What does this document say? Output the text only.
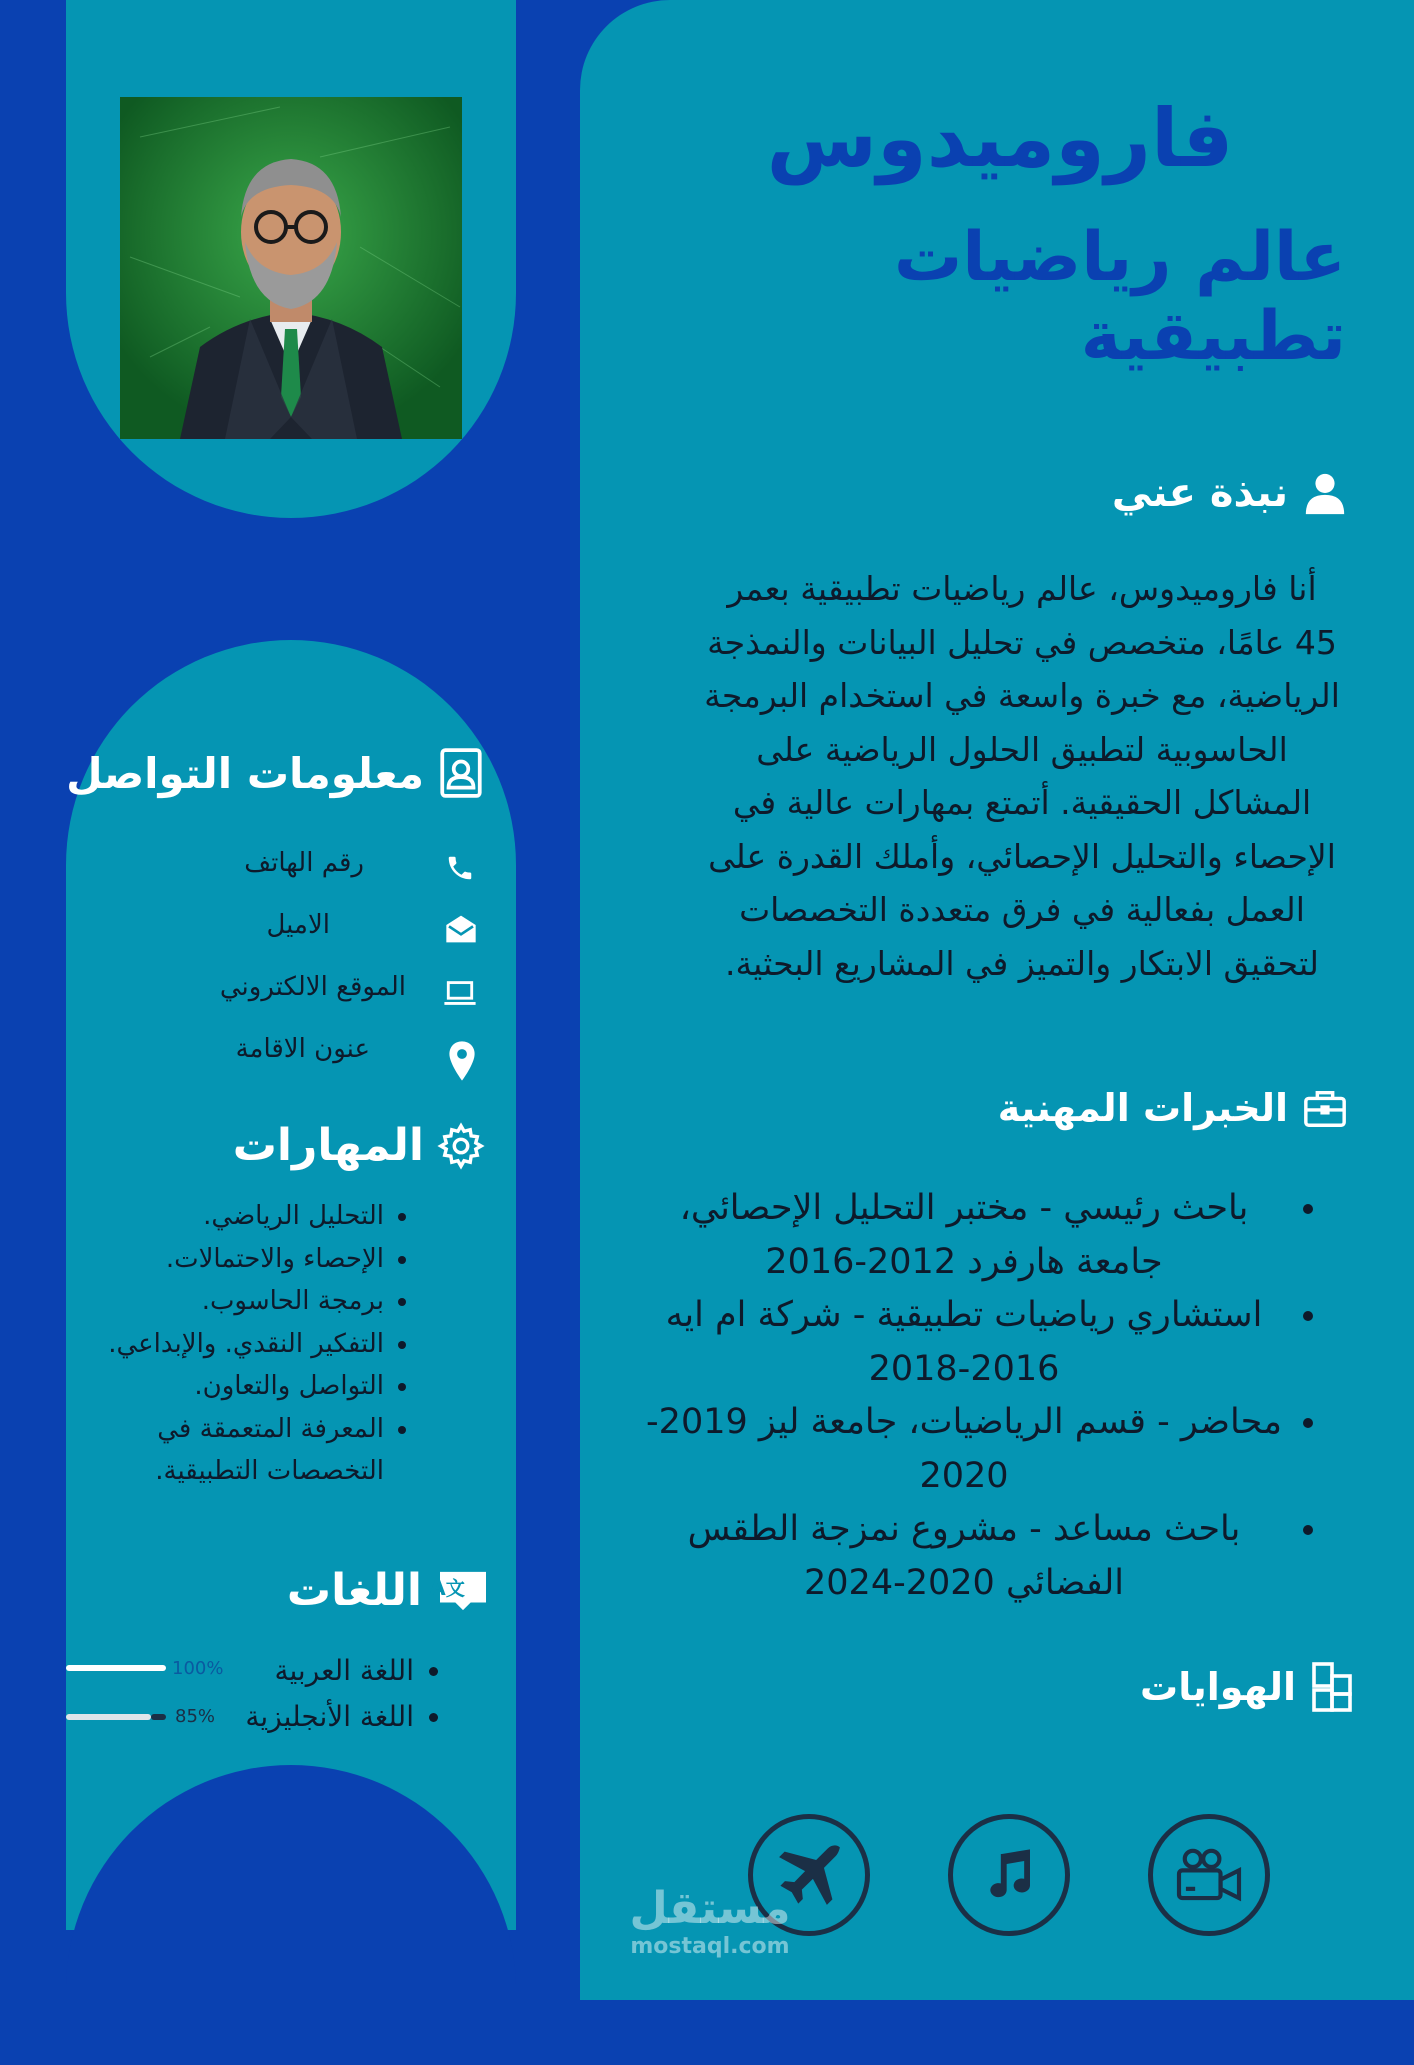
فاروميدوس
عالم رياضيات تطبيقية
نبذة عني
أنا فاروميدوس، عالم رياضيات تطبيقية بعمر 45 عامًا، متخصص في تحليل البيانات والنمذجة الرياضية، مع خبرة واسعة في استخدام البرمجة الحاسوبية لتطبيق الحلول الرياضية على المشاكل الحقيقية. أتمتع بمهارات عالية في الإحصاء والتحليل الإحصائي، وأملك القدرة على العمل بفعالية في فرق متعددة التخصصات لتحقيق الابتكار والتميز في المشاريع البحثية.
الخبرات المهنية
• باحث رئيسي - مختبر التحليل الإحصائي، جامعة هارفرد 2012-2016
• استشاري رياضيات تطبيقية - شركة ام ايه 2016-2018
• محاضر - قسم الرياضيات، جامعة ليز 2019-2020
• باحث مساعد - مشروع نمزجة الطقس الفضائي 2020-2024
الهوايات
معلومات التواصل
رقم الهاتف
الاميل
الموقع الالكتروني
عنون الاقامة
المهارات
• التحليل الرياضي.
• الإحصاء والاحتمالات.
• برمجة الحاسوب.
• التفكير النقدي. والإبداعي.
• التواصل والتعاون.
• المعرفة المتعمقة في التخصصات التطبيقية.
A 文
اللغات
• اللغة العربية
• اللغة الأنجليزية
100%
85%
مستقل
mostaql.com
